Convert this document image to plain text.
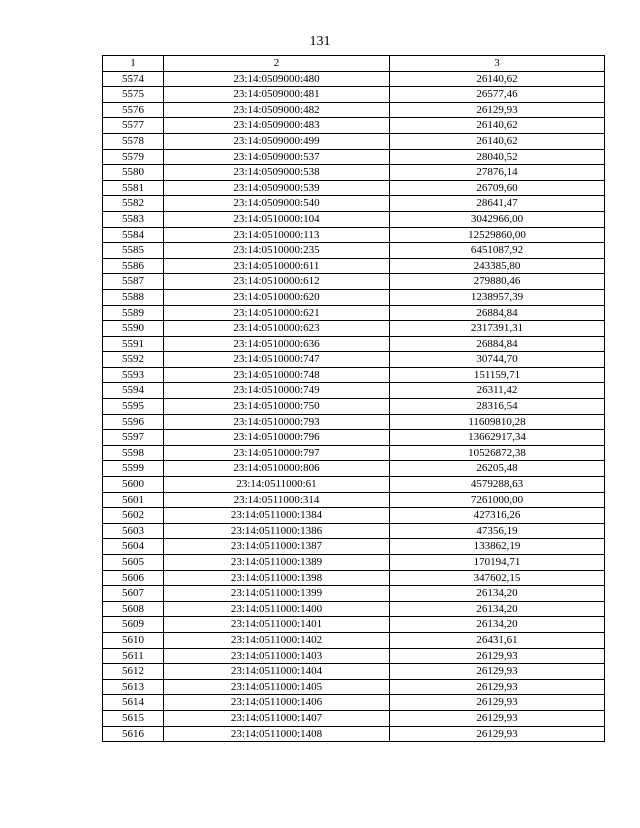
131
1	2	3
5574	23:14:0509000:480	26140,62
5575	23:14:0509000:481	26577,46
5576	23:14:0509000:482	26129,93
5577	23:14:0509000:483	26140,62
5578	23:14:0509000:499	26140,62
5579	23:14:0509000:537	28040,52
5580	23:14:0509000:538	27876,14
5581	23:14:0509000:539	26709,60
5582	23:14:0509000:540	28641,47
5583	23:14:0510000:104	3042966,00
5584	23:14:0510000:113	12529860,00
5585	23:14:0510000:235	6451087,92
5586	23:14:0510000:611	243385,80
5587	23:14:0510000:612	279880,46
5588	23:14:0510000:620	1238957,39
5589	23:14:0510000:621	26884,84
5590	23:14:0510000:623	2317391,31
5591	23:14:0510000:636	26884,84
5592	23:14:0510000:747	30744,70
5593	23:14:0510000:748	151159,71
5594	23:14:0510000:749	26311,42
5595	23:14:0510000:750	28316,54
5596	23:14:0510000:793	11609810,28
5597	23:14:0510000:796	13662917,34
5598	23:14:0510000:797	10526872,38
5599	23:14:0510000:806	26205,48
5600	23:14:0511000:61	4579288,63
5601	23:14:0511000:314	7261000,00
5602	23:14:0511000:1384	427316,26
5603	23:14:0511000:1386	47356,19
5604	23:14:0511000:1387	133862,19
5605	23:14:0511000:1389	170194,71
5606	23:14:0511000:1398	347602,15
5607	23:14:0511000:1399	26134,20
5608	23:14:0511000:1400	26134,20
5609	23:14:0511000:1401	26134,20
5610	23:14:0511000:1402	26431,61
5611	23:14:0511000:1403	26129,93
5612	23:14:0511000:1404	26129,93
5613	23:14:0511000:1405	26129,93
5614	23:14:0511000:1406	26129,93
5615	23:14:0511000:1407	26129,93
5616	23:14:0511000:1408	26129,93
